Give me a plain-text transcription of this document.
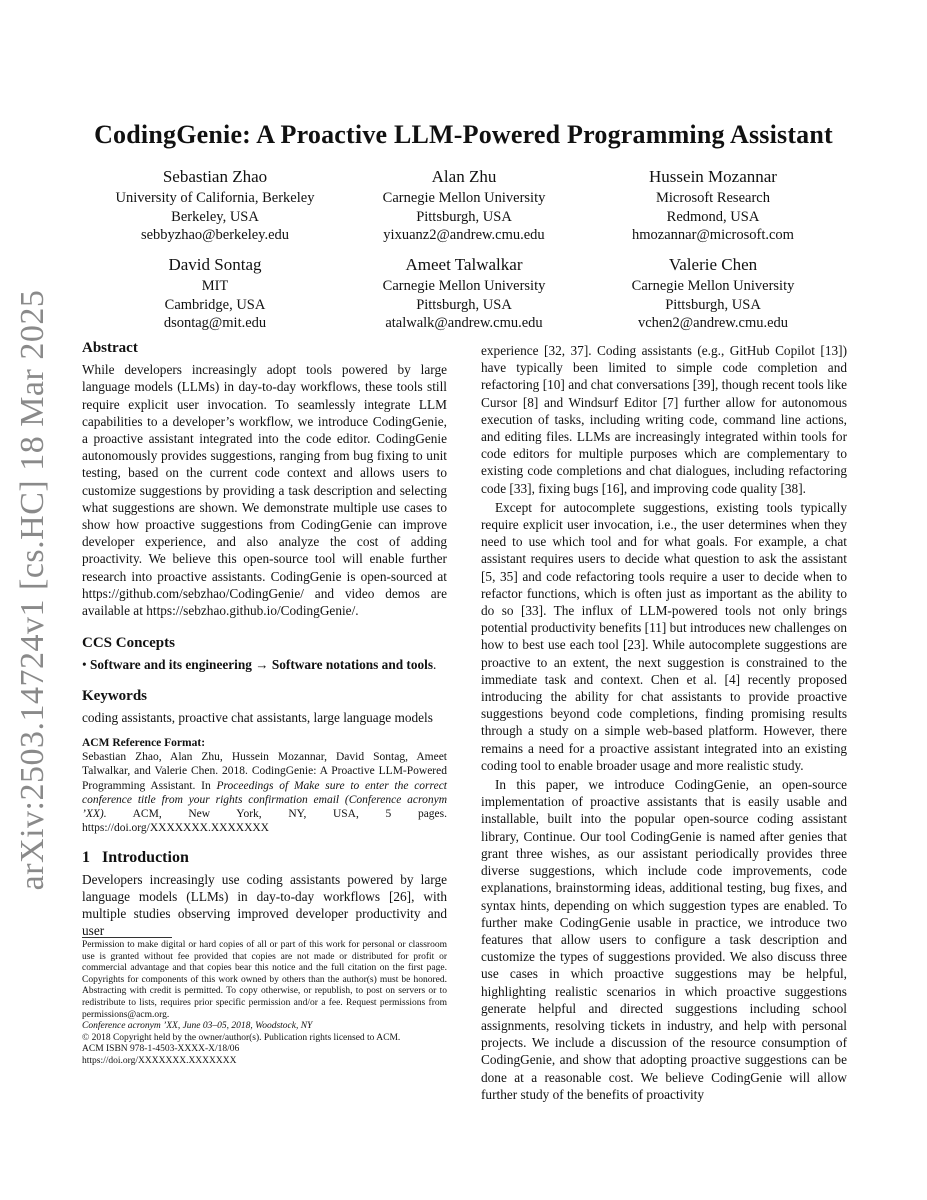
arXiv:2503.14724v1 [cs.HC] 18 Mar 2025
CodingGenie: A Proactive LLM-Powered Programming Assistant
Sebastian Zhao
University of California, Berkeley
Berkeley, USA
sebbyzhao@berkeley.edu
Alan Zhu
Carnegie Mellon University
Pittsburgh, USA
yixuanz2@andrew.cmu.edu
Hussein Mozannar
Microsoft Research
Redmond, USA
hmozannar@microsoft.com
David Sontag
MIT
Cambridge, USA
dsontag@mit.edu
Ameet Talwalkar
Carnegie Mellon University
Pittsburgh, USA
atalwalk@andrew.cmu.edu
Valerie Chen
Carnegie Mellon University
Pittsburgh, USA
vchen2@andrew.cmu.edu
Abstract

While developers increasingly adopt tools powered by large language models (LLMs) in day-to-day workflows, these tools still require explicit user invocation. To seamlessly integrate LLM capabilities to a developer’s workflow, we introduce CodingGenie, a proactive assistant integrated into the code editor. CodingGenie autonomously provides suggestions, ranging from bug fixing to unit testing, based on the current code context and allows users to customize suggestions by providing a task description and selecting what suggestions are shown. We demonstrate multiple use cases to show how proactive suggestions from CodingGenie can improve developer experience, and also analyze the cost of adding proactivity. We believe this open-source tool will enable further research into proactive assistants. CodingGenie is open-sourced at https://github.com/sebzhao/CodingGenie/ and video demos are available at https://sebzhao.github.io/CodingGenie/.

CCS Concepts

• Software and its engineering → Software notations and tools.

Keywords

coding assistants, proactive chat assistants, large language models

ACM Reference Format:

Sebastian Zhao, Alan Zhu, Hussein Mozannar, David Sontag, Ameet Talwalkar, and Valerie Chen. 2018. CodingGenie: A Proactive LLM-Powered Programming Assistant. In Proceedings of Make sure to enter the correct conference title from your rights confirmation email (Conference acronym ’XX). ACM, New York, NY, USA, 5 pages. https://doi.org/XXXXXXX.XXXXXXX

1   Introduction

Developers increasingly use coding assistants powered by large language models (LLMs) in day-to-day workflows [26], with multiple studies observing improved developer productivity and user

Permission to make digital or hard copies of all or part of this work for personal or classroom use is granted without fee provided that copies are not made or distributed for profit or commercial advantage and that copies bear this notice and the full citation on the first page. Copyrights for components of this work owned by others than the author(s) must be honored. Abstracting with credit is permitted. To copy otherwise, or republish, to post on servers or to redistribute to lists, requires prior specific permission and/or a fee. Request permissions from permissions@acm.org.

Conference acronym ’XX, June 03–05, 2018, Woodstock, NY

© 2018 Copyright held by the owner/author(s). Publication rights licensed to ACM.

ACM ISBN 978-1-4503-XXXX-X/18/06

https://doi.org/XXXXXXX.XXXXXXX

experience [32, 37]. Coding assistants (e.g., GitHub Copilot [13]) have typically been limited to simple code completion and refactoring [10] and chat conversations [39], though recent tools like Cursor [8] and Windsurf Editor [7] further allow for autonomous execution of tasks, including writing code, command line actions, and editing files. LLMs are increasingly integrated within tools for code editors for multiple purposes which are complementary to existing code completions and chat dialogues, including refactoring code [33], fixing bugs [16], and improving code quality [38].

Except for autocomplete suggestions, existing tools typically require explicit user invocation, i.e., the user determines when they need to use which tool and for what goals. For example, a chat assistant requires users to decide what question to ask the assistant [5, 35] and code refactoring tools require a user to decide when to refactor functions, which is often just as important as the ability to do so [33]. The influx of LLM-powered tools not only brings potential productivity benefits [11] but introduces new challenges on how to best use each tool [23]. While autocomplete suggestions are proactive to an extent, the next suggestion is constrained to the immediate task and context. Chen et al. [4] recently proposed introducing the ability for chat assistants to provide proactive suggestions beyond code completions, finding promising results through a study on a simple web-based platform. However, there remains a need for a proactive assistant integrated into an existing coding tool to enable broader usage and more realistic study.

In this paper, we introduce CodingGenie, an open-source implementation of proactive assistants that is easily usable and installable, built into the popular open-source coding assistant library, Continue. Our tool CodingGenie is named after genies that grant three wishes, as our assistant periodically provides three diverse suggestions, which include code improvements, code explanations, brainstorming ideas, additional testing, bug fixes, and syntax hints, depending on which suggestion types are enabled. To further make CodingGenie usable in practice, we introduce two features that allow users to configure a task description and customize the types of suggestions provided. We also discuss three use cases in which proactive suggestions may be helpful, highlighting realistic scenarios in which proactive suggestions generate helpful and directed suggestions including school assignments, resolving tickets in industry, and help with personal projects. We include a discussion of the resource consumption of CodingGenie, and show that adopting proactive suggestions can be done at a reasonable cost. We believe CodingGenie will allow further study of the benefits of proactivity
